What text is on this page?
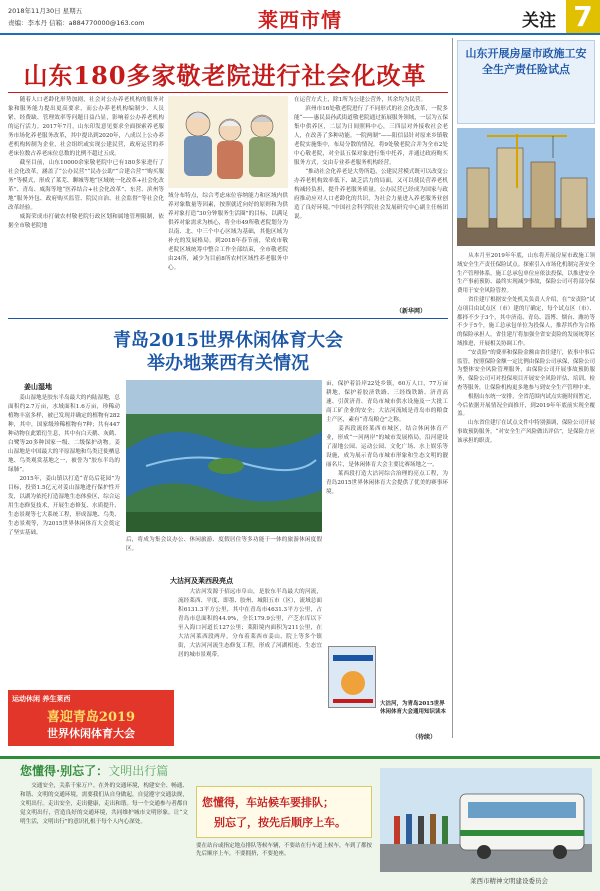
2018年11月30日 星期五
责编：李本丹 信箱：a884770000@163.com	莱西市情	关注 7
山东180多家敬老院进行社会化改革
　　随着人口老龄化形势加剧，社会对公办养老机构的服务对象和服务能力提出更高要求，而公办养老机构编制少、人员紧、经费缺、管理效率等问题日益凸显，影响着公办养老机构的运行活力。2017年7月，山东印发意见要求全面探索养老服务市场化养老服务改革，其中提出到2020年，八成以上公办养老机构转制为企业，社会组织或实现公建民营，政府运营的养老床位数占养老床位总数的比例不超过五成。
　　截至目前，山东10000余家敬老院中已有180多家进行了社会化改革，涵盖了“公办民营”“民办公助”“合建合营”“购买服务”等模式，形成了莱芜、聊城等地“区域统一化改革+社会化改革”、青岛、威海等地“医养结合+社会化改革”、东营、滨州等地“服务外包、政府购买监管、院民自治、社会监督”等社会化改革经验。
　　威海荣成市打破农村敬老院行政区划和属地管理限制，依据全市敬老院地
域分布特点，综合考虑床位容纳能力和区域内供养对象数量等因素，按照就近向好的原则和为供养对象打造“30分钟服务生活圈”的目标，以满足供养对象需求为核心，将全市49所敬老院划分为以南、北、中三个中心区域为基础，其他区域为补充的发展格局。到2018年春节前，荣成市敬老院区域统筹中整合工作全部结束，全市敬老院由24所，减少为目前8所农村区域性养老服务中心。
在运营方式上，除1所为公建公营外，其余均为民营。
　　滨州市16处敬老院进行了不同形式的社会化改革，一院多能“——惠民县孙武街道敬老院通过拓展服务领域，一层为五保集中供养区，二层为日间照料中心，三四层对外接收社会老人，在改善了多种功能。一院两制”——阳信县针对原来乡镇敬老院实施集中，布局分散的情况，将9处敬老院合并为全市2处中心敬老院，对全县五保对象进行集中托养，并通过政府购买服务方式，交由专业养老服务机构经营。
　　“推动社会化养老是大势所趋，公建民营模式既可以改变公办养老机构效率低下、缺乏活力的局面，又可以使民营养老机构减轻负担，提升养老服务质量。公办民营已经成为国家与政府推动应对人口老龄化的共识，为社会力量进入养老服务业创造了良好环境。”中国社会科学院社会发展研究中心副主任杨团说。
（新华网）
山东开展房屋市政施工安全生产责任险试点
　　从本月至2019年年底，山东将开展房屋市政施工领域安全生产责任保险试点。探索引入市场化机制完善安全生产管理体系，施工总承包单位应依法投保，以推进安全生产事前预防、最终实现减少事故，保险公司可将部分保费用于安全风险管控。
　　省住建厅根据安全处机关负责人介绍，在“安责险”试点项目由试点区（市）建的厅确定，每个试点区（市）、都择不少于3个，其中济南、青岛、淄博、烟台、潍坊等不少于5个，施工总承包单位为投保人，推荐其作为合格的保险承担人，省住建厅将加强全省安责险的发展统筹区域推进，开展相关协调工作。
　　“安责险”的费率和保险金额由省住建厅，依事中事后监管，按照保险金额一定比例由保险公司承保，保险公司为整体安全风险管理服务，由保险公司开展事故预防服务，保险公司可对投保项目开展安全风险评估、培训、检查等服务，让保险机构更多地参与到安全生产管理中来。
　　根据山东统一安排，全省范围内试点实施时间暂定，今后依据开展情况全面推开，到2019年年底前实现全覆盖。
　　山东省住建厅在试点文件中特别强调，保险公司开展事故预防服务，“对安全生产风险做出评估”，是保险方应该承担的职责。
青岛2015世界休闲体育大会
举办地莱西有关情况
姜山湿地
　　姜山湿地是胶东半岛最大的内陆湿地，总面积约2.7万亩，水域面积1.6万亩，珍稀动植物丰富多样，被已发现并确定的植物有282种，其中，国家级珍稀植物有7种；共有447种动物在此繁衍生息，其中有白天鹅、灰鹤、白鹭等20多种国家一级、二级保护动物。姜山湿地是中国最大的平原湿地和鸟类迁徙栖息地、鸟类观赏基地之一，被誉为“胶东半岛的绿肺”。
　　2015年，姜山镇以打造“青岛后花园”为目标，投资1.5亿元对姜山湿地进行保护性开发，以湖为依托打造湿地生态体验区，综合运用生态修复技术，开展生态修复、水质提升、生态景观等七大系统工程，形成湿地、鸟类、生态景观等，为2015世界休闲体育大会奠定了坚实基础。
运动休闲 养生莱西
喜迎青岛2019
世界休闲体育大会
后，将成为集会议办公、休闲旅游、度假居住等多功能于一体的旅游休闲度假区。
大沽河及莱西段亮点
　　大沽河发源于招远市阜山，是胶东半岛最大的河流，流经莱西、平度、即墨、胶州、城阳五市（区），流域总面积6131.3平方公里，其中在青岛市4631.3平方公里，占青岛市总面积的44.9%，全长179.9公里，产芝水库以下至入海口河道长127公里；莱阳境内面积为211公里，在大沽河莱西段两岸，分布着莱西市姜山、院上等多个镇街，大沽河河流生态修复工程，形成了河湖相连、生态宜居的城市景观带。
亩，保护着沿岸22处乡镇，60万人口，77万亩耕地，保护着胶济铁路、三经线铁路、济青高速、引黄济青、青岛市城市供水设施及一大批工商工矿企业的安全；大沽河流域是青岛市的粮食主产区，素有“青岛粮仓”之称。
　　姜西段流经莱西市城区，结合休闲体育产业，形成“一河两岸”的城市发展格局，沿河建设了湿地公园、运动公园、文化广场、水上娱乐等设施，成为展示青岛市城市形象和生态文明的靓丽名片，是休闲体育大会主要比赛场地之一。
　　莱西段打造大沽河综合治理的亮点工程，为青岛2015世界休闲体育大会提供了优美的赛事环境。
大沽河，为青岛2015世界休闲体育大会通用知识读本
（待续）
您懂得·别忘了：文明出行篇
　　交通安全，关系千家万户。在外的交通环境，构建安全、畅通、和谐、文明的交通环境，需要我们从自身做起，自觉遵守交通法规，文明出行。走出安全，走出健康，走出和谐。每一个交通参与者都自觉文明出行，营造良好的交通环境，共同维护城市文明形象。让“文明生活，文明出行”的意识扎根于每个人内心深处。
您懂得，车站候车要排队；
别忘了，按先后顺序上车。
要在站台或指定地点排队等候车辆，不要站在行车道上候车，车到了都按先后顺序上车，不要拥挤，不要抢座。
莱西市精神文明建设委员会
